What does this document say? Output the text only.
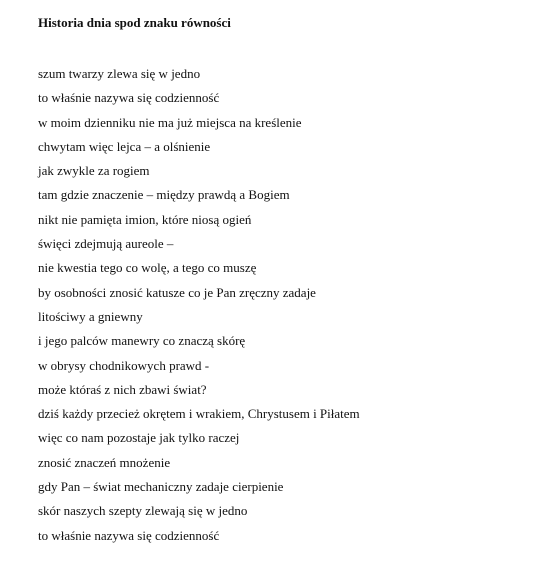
Historia dnia spod znaku równości
szum twarzy zlewa się w jedno
to właśnie nazywa się codzienność
w moim dzienniku nie ma już miejsca na kreślenie
chwytam więc lejca – a olśnienie
jak zwykle za rogiem
tam gdzie znaczenie – między prawdą a Bogiem
nikt nie pamięta imion, które niosą ogień
święci zdejmują aureole –
nie kwestia tego co wolę, a tego co muszę
by osobności znosić katusze co je Pan zręczny zadaje
litościwy a gniewny
i jego palców manewry co znaczą skórę
w obrysy chodnikowych prawd -
może któraś z nich zbawi świat?
dziś każdy przecież okrętem i wrakiem, Chrystusem i Piłatem
więc co nam pozostaje jak tylko raczej
znosić znaczeń mnożenie
gdy Pan – świat mechaniczny zadaje cierpienie
skór naszych szepty zlewają się w jedno
to właśnie nazywa się codzienność
